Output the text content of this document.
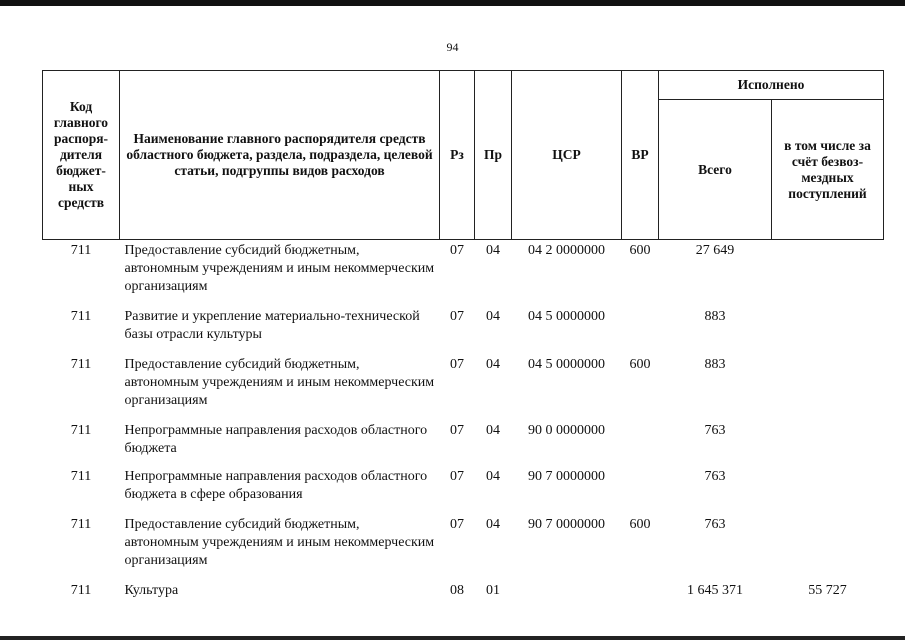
94
Код главного распоря-дителя бюджет-ных средств	Наименование главного распорядителя средств областного бюджета, раздела, подраздела, целевой статьи, подгруппы видов расходов	Рз	Пр	ЦСР	ВР	Исполнено	
						Всего	в том числе за счёт безвоз-мездных поступлений
711	Предоставление субсидий бюджетным, автономным учреждениям и иным некоммерческим организациям	07	04	04 2 0000000	600	27 649	
711	Развитие и укрепление материально-технической базы отрасли культуры	07	04	04 5 0000000		883	
711	Предоставление субсидий бюджетным, автономным учреждениям и иным некоммерческим организациям	07	04	04 5 0000000	600	883	
711	Непрограммные направления расходов областного бюджета	07	04	90 0 0000000		763	
711	Непрограммные направления расходов областного бюджета в сфере образования	07	04	90 7 0000000		763	
711	Предоставление субсидий бюджетным, автономным учреждениям и иным некоммерческим организациям	07	04	90 7 0000000	600	763	
711	Культура	08	01			1 645 371	55 727
